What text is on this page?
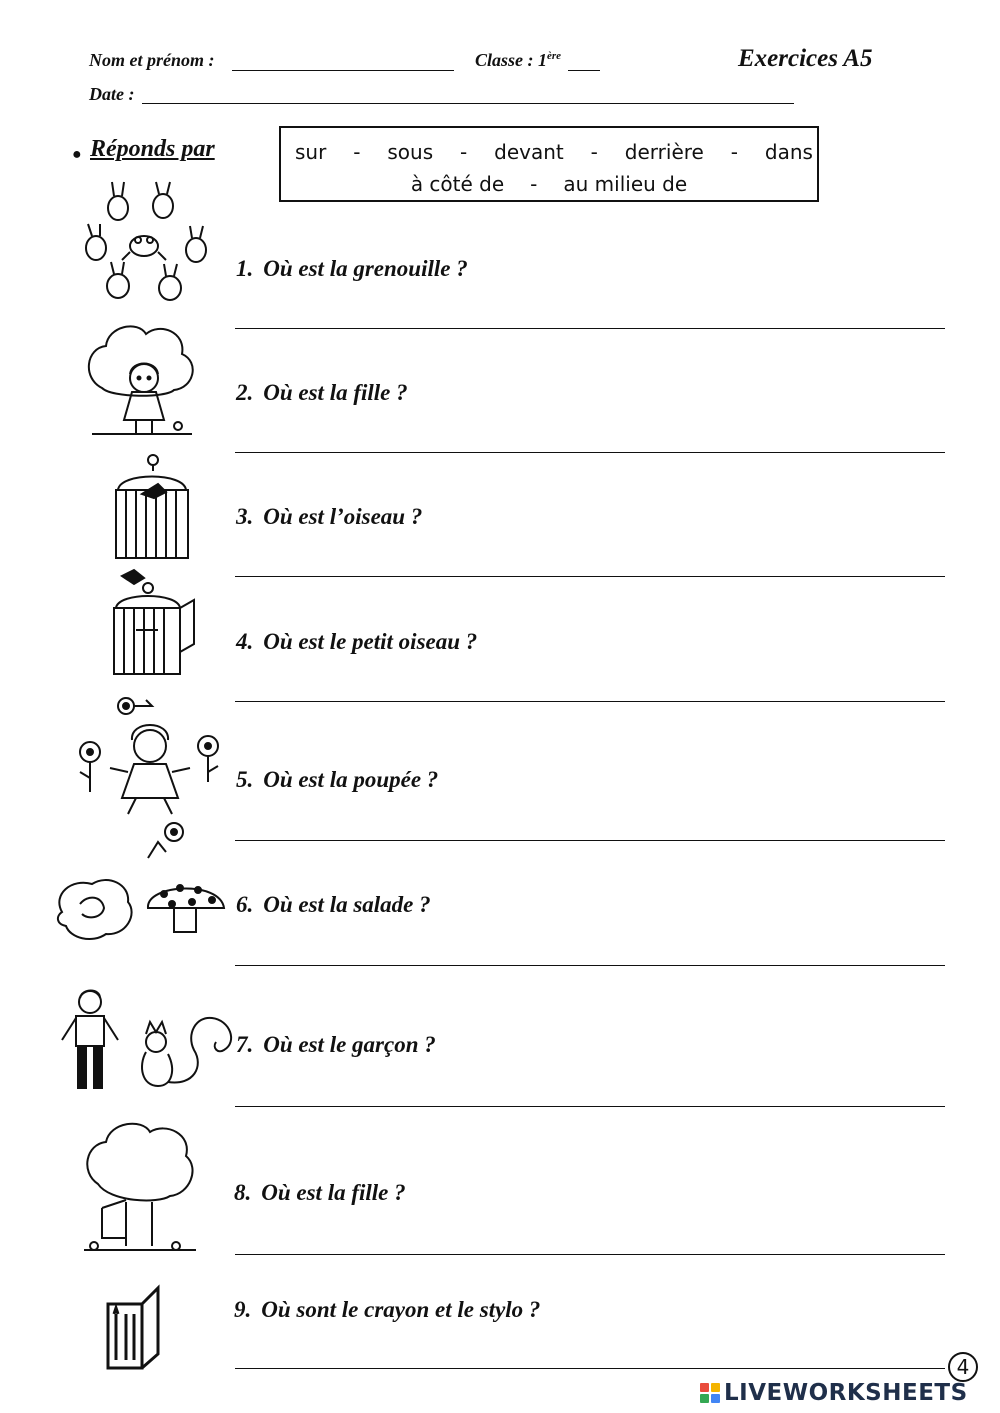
Nom et prénom :	Classe : 1ère	Exercices A5
Date :
● Réponds par	sur - sous - devant - derrière - dans
à côté de - au milieu de
1. Où est la grenouille ?
2. Où est la fille ?
3. Où est l’oiseau ?
4. Où est le petit oiseau ?
5. Où est la poupée ?
6. Où est la salade ?
7. Où est le garçon ?
8. Où est la fille ?
9. Où sont le crayon et le stylo ?
4
LIVEWORKSHEETS
